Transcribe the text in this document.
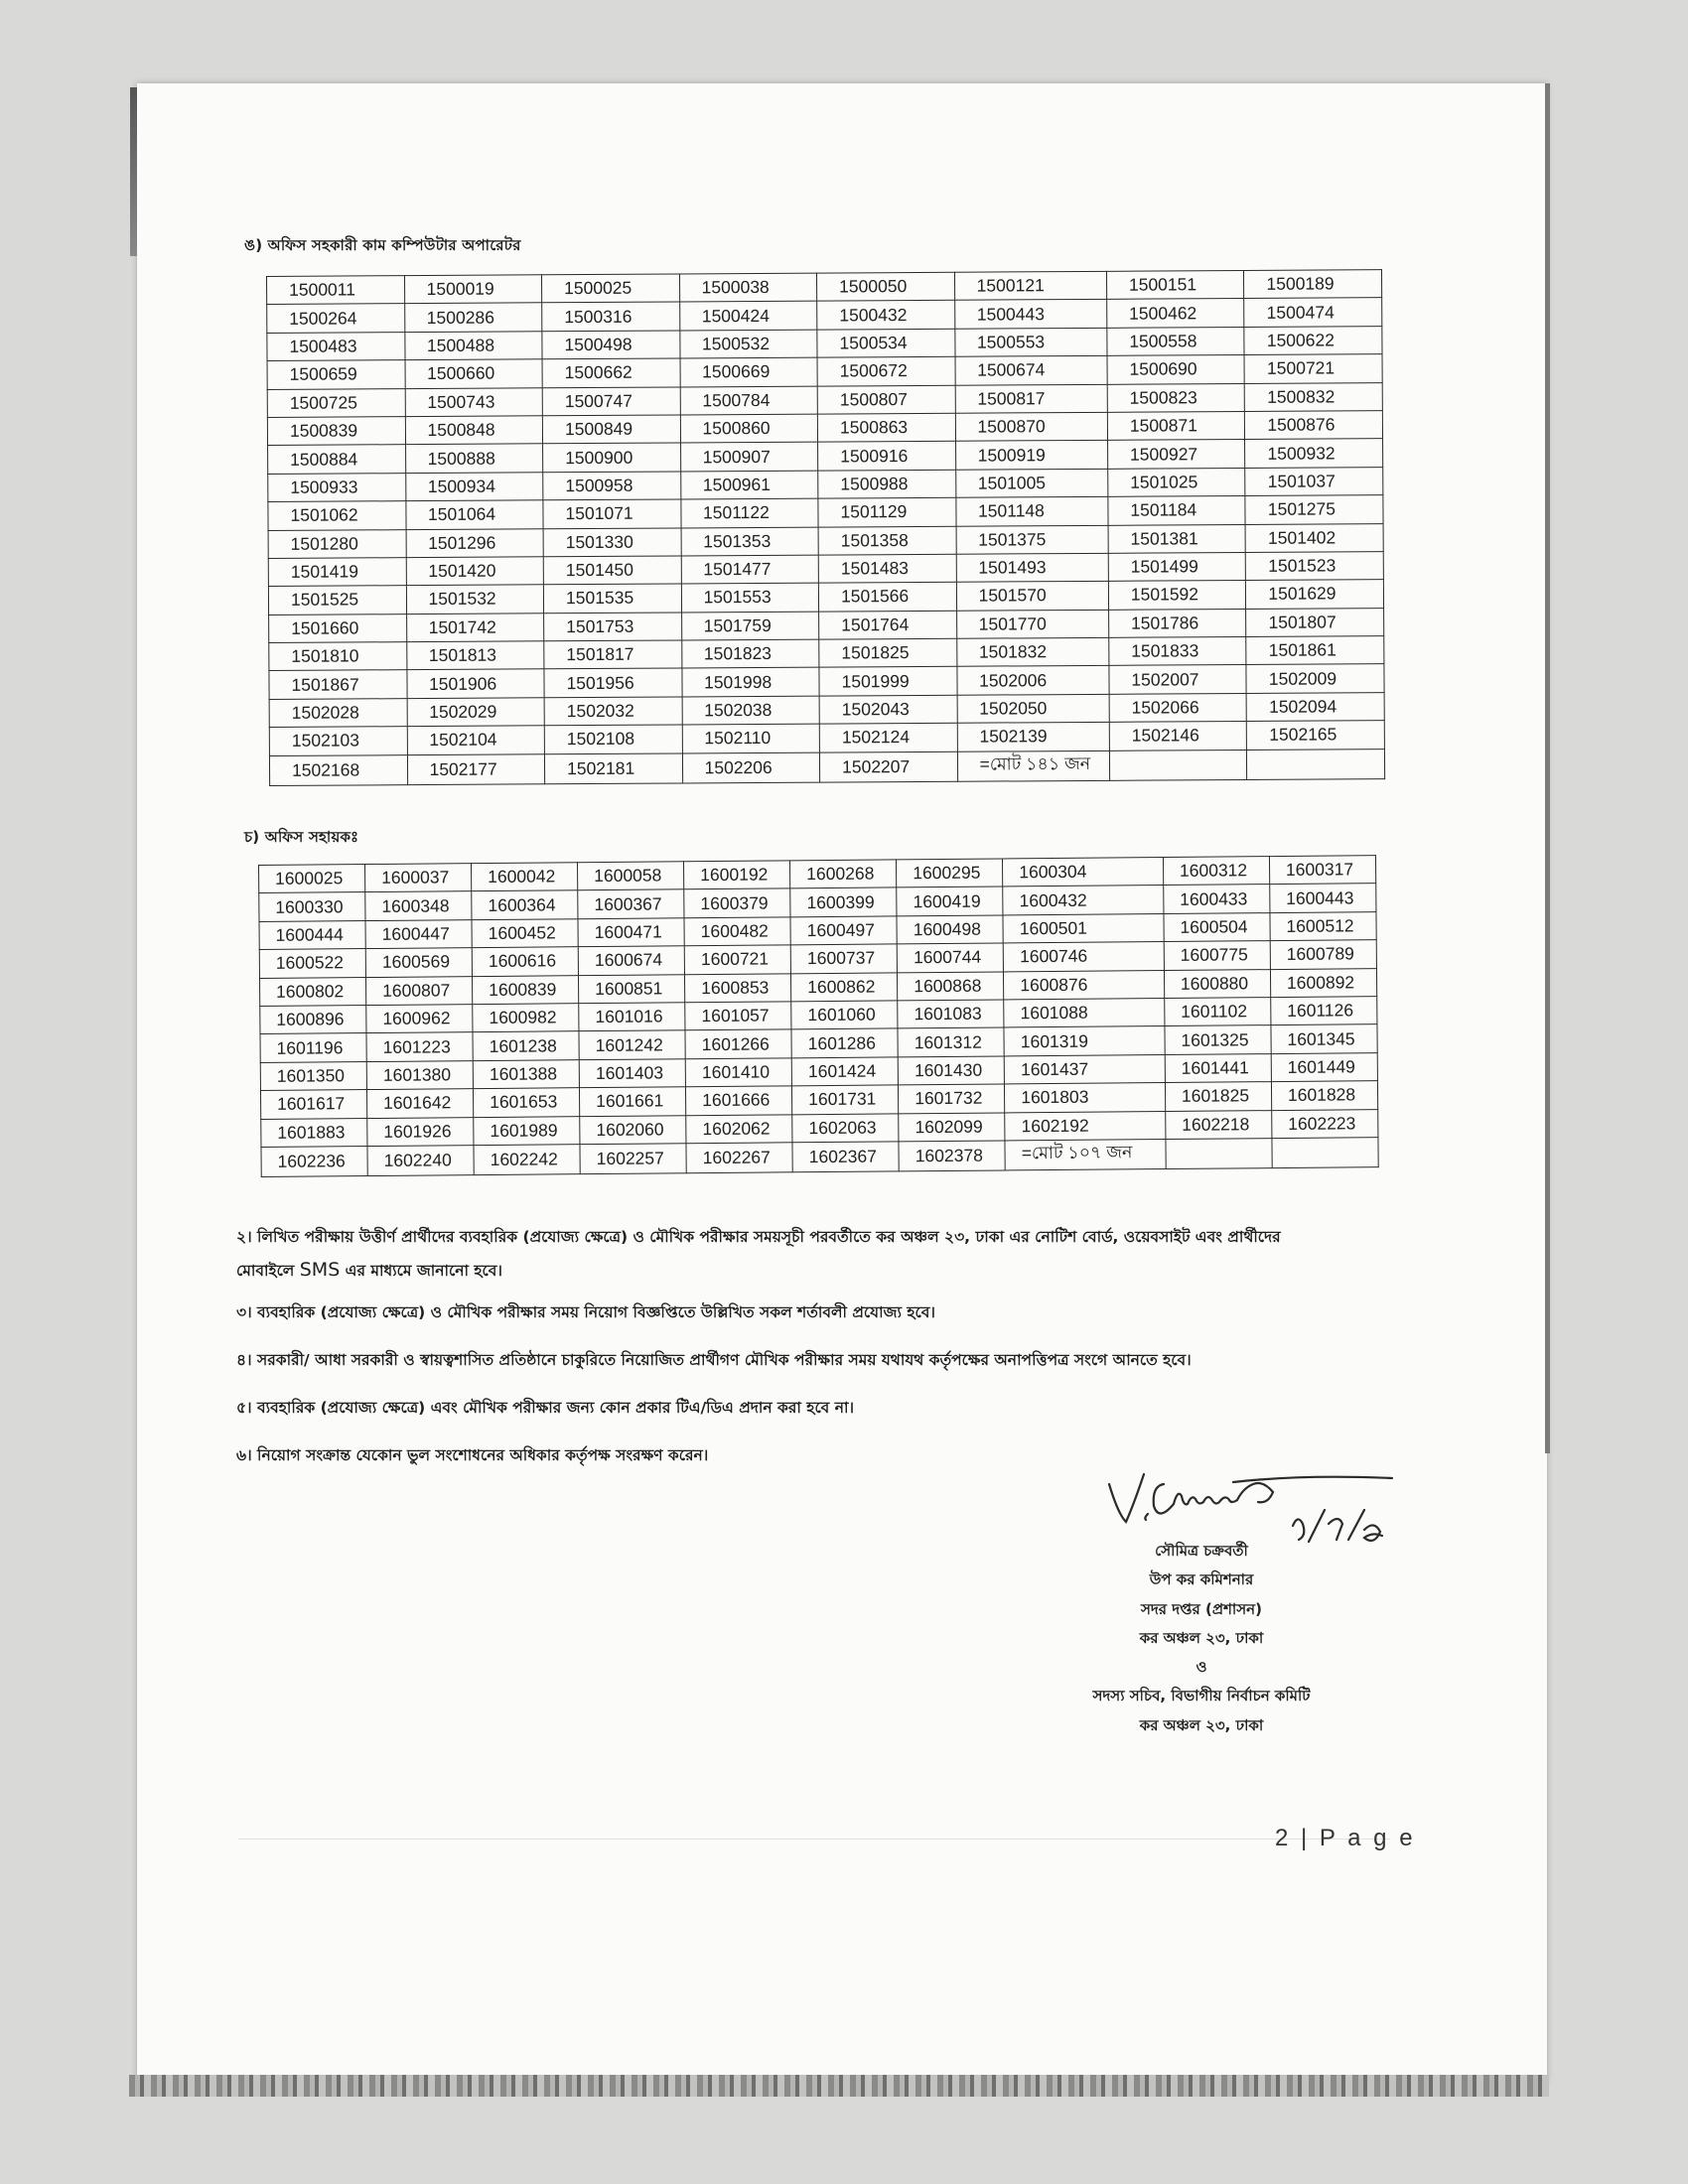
ঙ) অফিস সহকারী কাম কম্পিউটার অপারেটর
1500011	1500019	1500025	1500038	1500050	1500121	1500151	1500189
1500264	1500286	1500316	1500424	1500432	1500443	1500462	1500474
1500483	1500488	1500498	1500532	1500534	1500553	1500558	1500622
1500659	1500660	1500662	1500669	1500672	1500674	1500690	1500721
1500725	1500743	1500747	1500784	1500807	1500817	1500823	1500832
1500839	1500848	1500849	1500860	1500863	1500870	1500871	1500876
1500884	1500888	1500900	1500907	1500916	1500919	1500927	1500932
1500933	1500934	1500958	1500961	1500988	1501005	1501025	1501037
1501062	1501064	1501071	1501122	1501129	1501148	1501184	1501275
1501280	1501296	1501330	1501353	1501358	1501375	1501381	1501402
1501419	1501420	1501450	1501477	1501483	1501493	1501499	1501523
1501525	1501532	1501535	1501553	1501566	1501570	1501592	1501629
1501660	1501742	1501753	1501759	1501764	1501770	1501786	1501807
1501810	1501813	1501817	1501823	1501825	1501832	1501833	1501861
1501867	1501906	1501956	1501998	1501999	1502006	1502007	1502009
1502028	1502029	1502032	1502038	1502043	1502050	1502066	1502094
1502103	1502104	1502108	1502110	1502124	1502139	1502146	1502165
1502168	1502177	1502181	1502206	1502207	=মোট ১৪১ জন		
চ) অফিস সহায়কঃ
1600025	1600037	1600042	1600058	1600192	1600268	1600295	1600304	1600312	1600317
1600330	1600348	1600364	1600367	1600379	1600399	1600419	1600432	1600433	1600443
1600444	1600447	1600452	1600471	1600482	1600497	1600498	1600501	1600504	1600512
1600522	1600569	1600616	1600674	1600721	1600737	1600744	1600746	1600775	1600789
1600802	1600807	1600839	1600851	1600853	1600862	1600868	1600876	1600880	1600892
1600896	1600962	1600982	1601016	1601057	1601060	1601083	1601088	1601102	1601126
1601196	1601223	1601238	1601242	1601266	1601286	1601312	1601319	1601325	1601345
1601350	1601380	1601388	1601403	1601410	1601424	1601430	1601437	1601441	1601449
1601617	1601642	1601653	1601661	1601666	1601731	1601732	1601803	1601825	1601828
1601883	1601926	1601989	1602060	1602062	1602063	1602099	1602192	1602218	1602223
1602236	1602240	1602242	1602257	1602267	1602367	1602378	=মোট ১০৭ জন		
২। লিখিত পরীক্ষায় উত্তীর্ণ প্রার্থীদের ব্যবহারিক (প্রযোজ্য ক্ষেত্রে) ও মৌখিক পরীক্ষার সময়সূচী পরবর্তীতে কর অঞ্চল ২৩, ঢাকা এর নোটিশ বোর্ড, ওয়েবসাইট এবং প্রার্থীদের
মোবাইলে SMS এর মাধ্যমে জানানো হবে।
৩। ব্যবহারিক (প্রযোজ্য ক্ষেত্রে) ও মৌখিক পরীক্ষার সময় নিয়োগ বিজ্ঞপ্তিতে উল্লিখিত সকল শর্তাবলী প্রযোজ্য হবে।
৪। সরকারী/ আধা সরকারী ও স্বায়ত্বশাসিত প্রতিষ্ঠানে চাকুরিতে নিয়োজিত প্রার্থীগণ মৌখিক পরীক্ষার সময় যথাযথ কর্তৃপক্ষের অনাপত্তিপত্র সংগে আনতে হবে।
৫। ব্যবহারিক (প্রযোজ্য ক্ষেত্রে) এবং মৌখিক পরীক্ষার জন্য কোন প্রকার টিএ/ডিএ প্রদান করা হবে না।
৬। নিয়োগ সংক্রান্ত যেকোন ভুল সংশোধনের অধিকার কর্তৃপক্ষ সংরক্ষণ করেন।
সৌমিত্র চক্রবর্তী
উপ কর কমিশনার
সদর দপ্তর (প্রশাসন)
কর অঞ্চল ২৩, ঢাকা
ও
সদস্য সচিব, বিভাগীয় নির্বাচন কমিটি
কর অঞ্চল ২৩, ঢাকা
2 | P a g e
